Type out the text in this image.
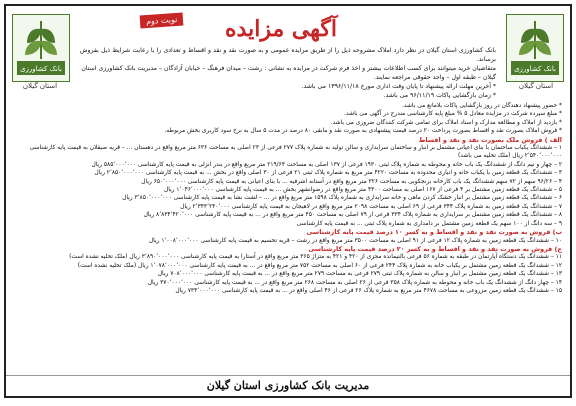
بانک کشاورزی
استان گیلان
بانک کشاورزی
استان گیلان
نوبت دوم	آگهی مزایده

بانک کشاورزی استان گیلان در نظر دارد املاک مشروحه ذیل را از طریق مزایده عمومی و به صورت نقد و نقد و اقساط و تعدادی را با رعایت شرایط ذیل بفروش برساند.

متقاضیان خرید میتوانند برای کسب اطلاعات بیشتر و اخذ فرم شرکت در مزایده به نشانی : رشت – میدان فرهنگ – خیابان آزادگان – مدیریت بانک کشاورزی استان

گیلان – طبقه اول – واحد حقوقی مراجعه نمایند.

* آخرین مهلت ارائه پیشنهاد تا پایان وقت اداری مورخ ۱۳۹۶/۱۱/۱۸ می باشد.

* زمان بازگشایی پاکات ۹۶/۱۱/۱۹ می باشد.

* حضور پیشنهاد دهندگان در روز بازگشایی پاکات بلامانع می باشد.

* مبلغ سپرده شرکت در مزایده معادل ۵ % مبلغ پایه کارشناسی مندرج در آگهی می باشد.

* بازدید از املاک و مطالعه مدارک و اسناد املاک برای تمامی شرکت کنندگان ضروری می باشد.

* فروش املاک بصورت نقد و اقساط بصورت پرداخت ۲۰ درصد قیمت پیشنهادی به صورت نقد و مابقی ۸۰ درصد در مدت ۵ سال به نرخ سود کاربری بخش مربوطه.

الف ) فروش ملک بصورت نقد و نقد و اقساط

۱ – ششدانگ یکباب ساختمان با بنای اعیانی مشتمل بر انبار و ساختمان سرایداری و سالن تولید به شماره پلاک ۲۷۷ فرعی از ۲۳ اصلی به مساحت ۶۳۶ متر مربع واقع در دهستان ... – قریه صیقلان به قیمت پایه کارشناسی ۲٬۵۴۰٬۰۰۰٬۰۰۰ ریال (ملک تخلیه می باشد)

۲ – چهار و نیم دانگ از ششدانگ یک باب خانه و محوطه به شماره پلاک ثبتی ۱۹۳۰ فرعی از ۱۳۷ اصلی به مساحت ۲۱۹/۶۴ متر مربع واقع در بندر انزلی به قیمت پایه کارشناسی ۵۸۵٬۰۰۰٬۰۰۰ ریال

۳ – ششدانگ یک قطعه زمین با یکباب خانه و انباری محدوده به مساحت ۴۲۲۰ متر مربع به شماره پلاک ثبتی ۲۱ فرعی از ۳۰ اصلی واقع در بخش ... به قیمت پایه کارشناسی ۲٬۸۵۰٬۰۰۰٬۰۰۰ ریال

۴ – ۹۶/۲۶ سهم از ۷۲ سهم ششدانگ یک باب کارخانه برنجکوبی به مساحت ۳۲۶ متر مربع واقع در آستانه اشرفیه ... با بنای اعیانی به قیمت پایه کارشناسی ۶۵۰٬۰۰۰٬۰۰۰ ریال

۵ – ششدانگ یک قطعه زمین مشتمل بر ۴ فرعی از ۱۶۷ اصلی به مساحت ۴۳۰۰ متر مربع واقع در رضوانشهر بخش ... به قیمت پایه کارشناسی ۱٬۰۴۶٬۰۰۰٬۰۰۰ ریال

۶ – ششدانگ یک قطعه زمین مشتمل بر انبار خشک کردن ماهی و خانه سرایداری به شماره پلاک ۱۵۹۸ متر مربع واقع در ... – لشت نشا به قیمت پایه کارشناسی ۳٬۸۵۰٬۰۰۰٬۰۰۰ ریال

۷ – ششدانگ یک قطعه زمین به شماره پلاک ۳۴۴ فرعی از ۶۹ اصلی به مساحت ۲۰۹۸ متر مربع واقع در لاهیجان به قیمت پایه کارشناسی ۲٬۳۴۳٬۲۴۰٬۰۰۰ ریال

۸ – ششدانگ یک قطعه زمین مشتمل بر سرایداری به شماره پلاک ۳۳۴ فرعی از ۷۹ اصلی به مساحت ۴۵۰ متر مربع واقع در ... به قیمت پایه کارشناسی ۸٬۸۳۴٬۴۲۰٬۰۰۰ ریال

۹ – سه دانگ از ۱۰۰ سهم یک قطعه زمین مشتمل بر دامداری به شماره پلاک ثبتی ... به قیمت پایه کارشناسی

ب) فروش به صورت نقد و نقد و اقساط و به کسر ۱۰ درصد قیمت پایه کارشناسی

۱۰ – ششدانگ یک قطعه زمین به شماره پلاک ۱۲ فرعی از ۹۱ اصلی به مساحت ۳۵۰۰ متر مربع واقع در رشت – قریه تخسیم به قیمت پایه کارشناسی ۱٬۰۰۸٬۰۰۰٬۰۰۰ ریال

ج) فروش به صورت نقد و نقد و اقساط و به کسر ۲۰ درصد قیمت پایه کارشناسی

۱۱ – ششدانگ یک دستگاه آپارتمان در طبقه به شماره ۵۶ فرعی بالنیمانده مجزی از ۴۲۰ و ۴۲۱ به متراژ ۳۶۵ متر مربع واقع در آستارا به قیمت پایه کارشناسی ۳٬۸۹۰٬۰۰۰٬۰۰۰ ریال (ملک تخلیه نشده است)

۱۲ – ششدانگ یک قطعه زمین مشتمل بر یکباب خانه به شماره پلاک ۲۴۴ فرعی از ۶۰ اصلی به مساحت ۷۵۲ متر مربع واقع در ... به قیمت پایه کارشناسی ۱٬۰۷۸٬۰۰۰٬۰۰۰ ریال (ملک تخلیه نشده است)

۱۳ – ششدانگ یک قطعه زمین مشتمل بر انبار و سالن به شماره پلاک ثبتی ۲۷۹ فرعی به مساحت ۲۷۹ متر مربع واقع در ... به قیمت پایه کارشناسی ۷۰۸٬۰۰۰٬۰۰۰ ریال

۱۴ – چهار دانگ از ششدانگ یک باب خانه و محوطه به شماره پلاک ۳۵۸ فرعی از ۲۶ اصلی به مساحت ۲۶۸ متر مربع واقع در ... به قیمت پایه کارشناسی ۳۷۰٬۰۰۰٬۰۰۰ ریال

۱۵ – ششدانگ یک قطعه زمین مزروعی به مساحت ۴۶۷۸ متر مربع به شماره پلاک ۲۶ فرعی از ۴۶ اصلی واقع در ... به قیمت پایه کارشناسی ۷۳۴٬۰۰۰٬۰۰۰ ریال

مدیریت بانک کشاورزی استان گیلان
